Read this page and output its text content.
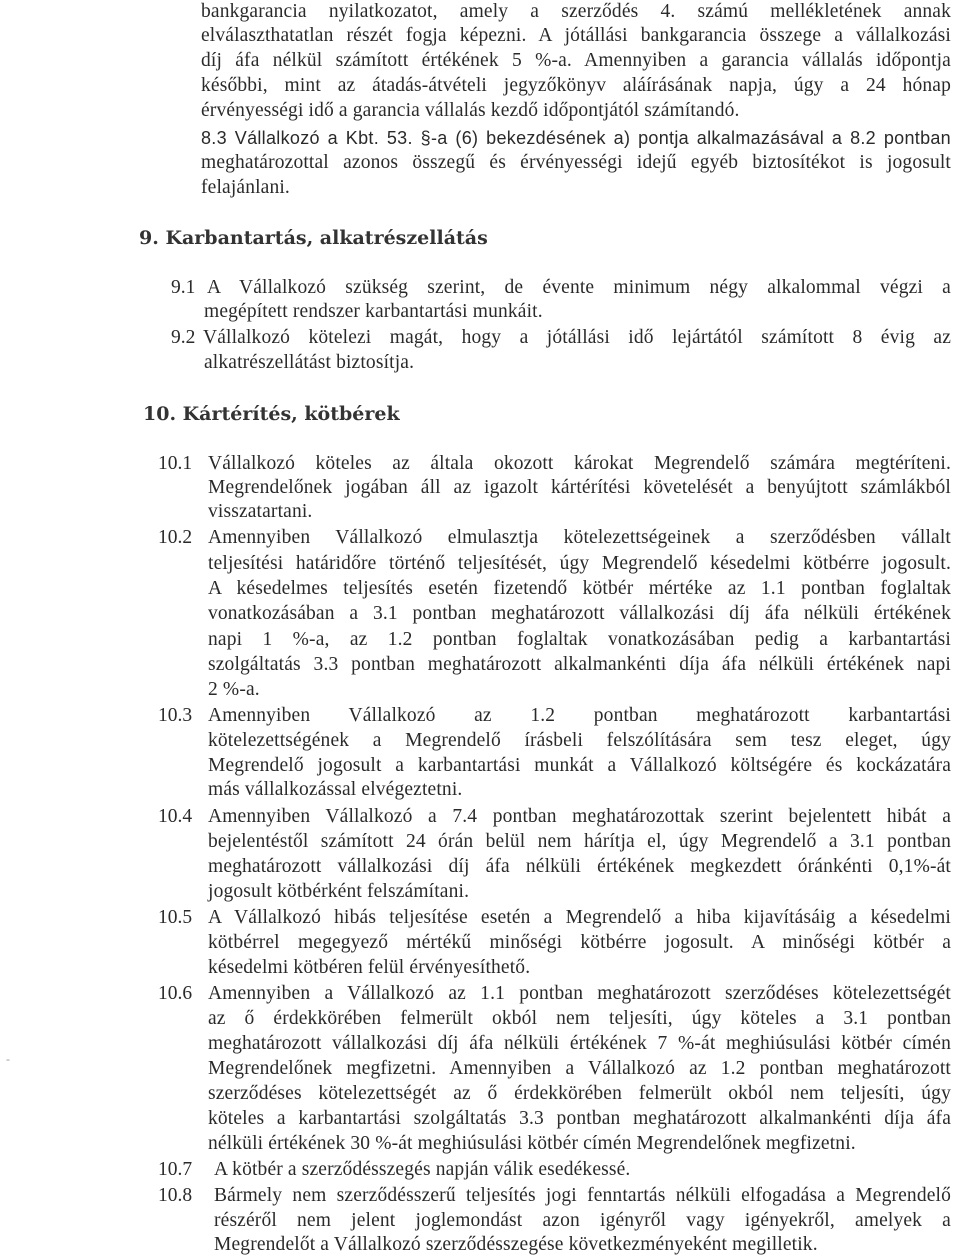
bankgarancia nyilatkozatot, amely a szerződés 4. számú mellékletének annak
elválaszthatatlan részét fogja képezni. A jótállási bankgarancia összege a vállalkozási
díj áfa nélkül számított értékének 5 %-a. Amennyiben a garancia vállalás időpontja
későbbi, mint az átadás-átvételi jegyzőkönyv aláírásának napja, úgy a 24 hónap
érvényességi idő a garancia vállalás kezdő időpontjától számítandó.
8.3 Vállalkozó a Kbt. 53. §-a (6) bekezdésének a) pontja alkalmazásával a 8.2 pontban
meghatározottal azonos összegű és érvényességi idejű egyéb biztosítékot is jogosult
felajánlani.
9. Karbantartás, alkatrészellátás
9.1 A Vállalkozó szükség szerint, de évente minimum négy alkalommal végzi a
megépített rendszer karbantartási munkáit.
9.2 Vállalkozó kötelezi magát, hogy a jótállási idő lejártától számított 8 évig az
alkatrészellátást biztosítja.
10. Kártérítés, kötbérek
10.1 Vállalkozó köteles az általa okozott károkat Megrendelő számára megtéríteni.
Megrendelőnek jogában áll az igazolt kártérítési követelését a benyújtott számlákból
visszatartani.
10.2 Amennyiben Vállalkozó elmulasztja kötelezettségeinek a szerződésben vállalt
teljesítési határidőre történő teljesítését, úgy Megrendelő késedelmi kötbérre jogosult.
A késedelmes teljesítés esetén fizetendő kötbér mértéke az 1.1 pontban foglaltak
vonatkozásában a 3.1 pontban meghatározott vállalkozási díj áfa nélküli értékének
napi 1 %-a, az 1.2 pontban foglaltak vonatkozásában pedig a karbantartási
szolgáltatás 3.3 pontban meghatározott alkalmankénti díja áfa nélküli értékének napi
2 %-a.
10.3 Amennyiben Vállalkozó az 1.2 pontban meghatározott karbantartási
kötelezettségének a Megrendelő írásbeli felszólítására sem tesz eleget, úgy
Megrendelő jogosult a karbantartási munkát a Vállalkozó költségére és kockázatára
más vállalkozással elvégeztetni.
10.4 Amennyiben Vállalkozó a 7.4 pontban meghatározottak szerint bejelentett hibát a
bejelentéstől számított 24 órán belül nem hárítja el, úgy Megrendelő a 3.1 pontban
meghatározott vállalkozási díj áfa nélküli értékének megkezdett óránkénti 0,1%-át
jogosult kötbérként felszámítani.
10.5 A Vállalkozó hibás teljesítése esetén a Megrendelő a hiba kijavításáig a késedelmi
kötbérrel megegyező mértékű minőségi kötbérre jogosult. A minőségi kötbér a
késedelmi kötbéren felül érvényesíthető.
10.6 Amennyiben a Vállalkozó az 1.1 pontban meghatározott szerződéses kötelezettségét
az ő érdekkörében felmerült okból nem teljesíti, úgy köteles a 3.1 pontban
meghatározott vállalkozási díj áfa nélküli értékének 7 %-át meghiúsulási kötbér címén
Megrendelőnek megfizetni. Amennyiben a Vállalkozó az 1.2 pontban meghatározott
szerződéses kötelezettségét az ő érdekkörében felmerült okból nem teljesíti, úgy
köteles a karbantartási szolgáltatás 3.3 pontban meghatározott alkalmankénti díja áfa
nélküli értékének 30 %-át meghiúsulási kötbér címén Megrendelőnek megfizetni.
10.7 A kötbér a szerződésszegés napján válik esedékessé.
10.8 Bármely nem szerződésszerű teljesítés jogi fenntartás nélküli elfogadása a Megrendelő
részéről nem jelent joglemondást azon igényről vagy igényekről, amelyek a
Megrendelőt a Vállalkozó szerződésszegése következményeként megilletik.
-
